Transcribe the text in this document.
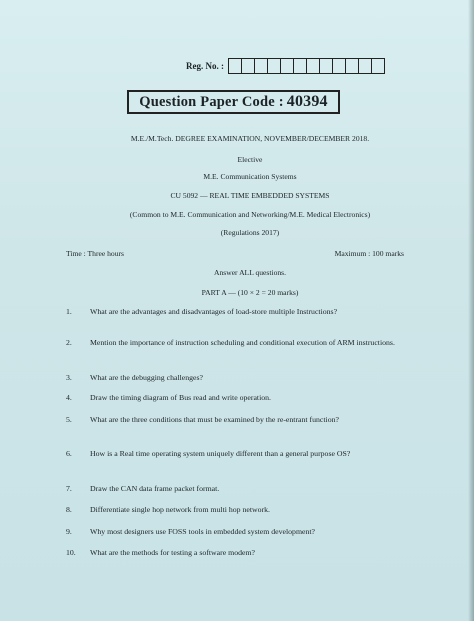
Reg. No. :
Question Paper Code : 40394
M.E./M.Tech. DEGREE EXAMINATION, NOVEMBER/DECEMBER 2018.
Elective
M.E. Communication Systems
CU 5092 — REAL TIME EMBEDDED SYSTEMS
(Common to M.E. Communication and Networking/M.E. Medical Electronics)
(Regulations 2017)
Time : Three hours	Maximum : 100 marks
Answer ALL questions.
PART A — (10 × 2 = 20 marks)
1.	What are the advantages and disadvantages of load-store multiple Instructions?
2.	Mention the importance of instruction scheduling and conditional execution of ARM instructions.
3.	What are the debugging challenges?
4.	Draw the timing diagram of Bus read and write operation.
5.	What are the three conditions that must be examined by the re-entrant function?
6.	How is a Real time operating system uniquely different than a general purpose OS?
7.	Draw the CAN data frame packet format.
8.	Differentiate single hop network from multi hop network.
9.	Why most designers use FOSS tools in embedded system development?
10.	What are the methods for testing a software modem?
